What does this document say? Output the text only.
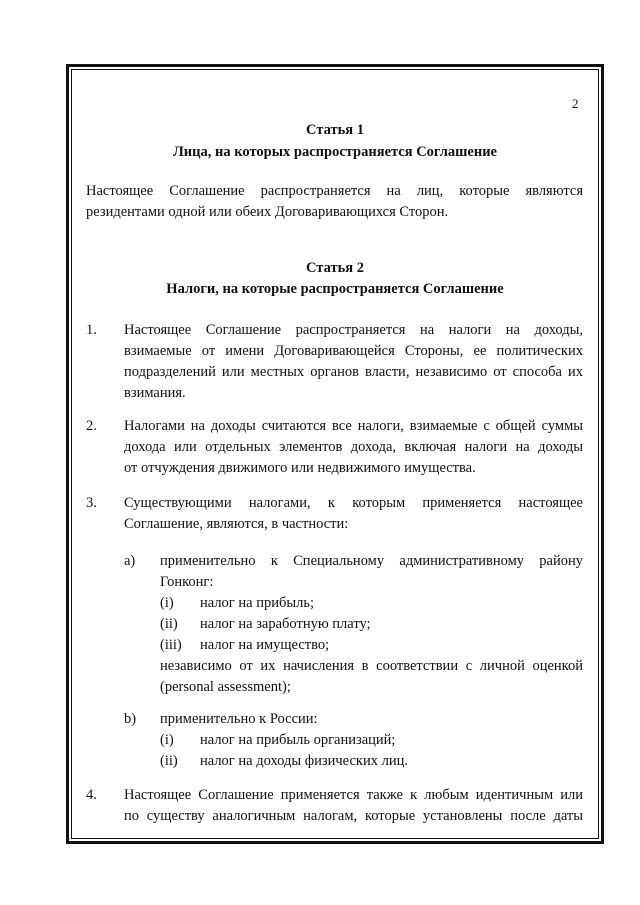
2
Статья 1
Лица, на которых распространяется Соглашение
Настоящее Соглашение распространяется на лиц, которые являются
резидентами одной или обеих Договаривающихся Сторон.
Статья 2
Налоги, на которые распространяется Соглашение
1. Настоящее Соглашение распространяется на налоги на доходы,
взимаемые от имени Договаривающейся Стороны, ее политических
подразделений или местных органов власти, независимо от способа их
взимания.
2. Налогами на доходы считаются все налоги, взимаемые с общей суммы
дохода или отдельных элементов дохода, включая налоги на доходы
от отчуждения движимого или недвижимого имущества.
3. Существующими налогами, к которым применяется настоящее
Соглашение, являются, в частности:
a) применительно к Специальному административному району
Гонконг:
(i) налог на прибыль;
(ii) налог на заработную плату;
(iii) налог на имущество;
независимо от их начисления в соответствии с личной оценкой
(personal assessment);
b) применительно к России:
(i) налог на прибыль организаций;
(ii) налог на доходы физических лиц.
4. Настоящее Соглашение применяется также к любым идентичным или
по существу аналогичным налогам, которые установлены после даты
